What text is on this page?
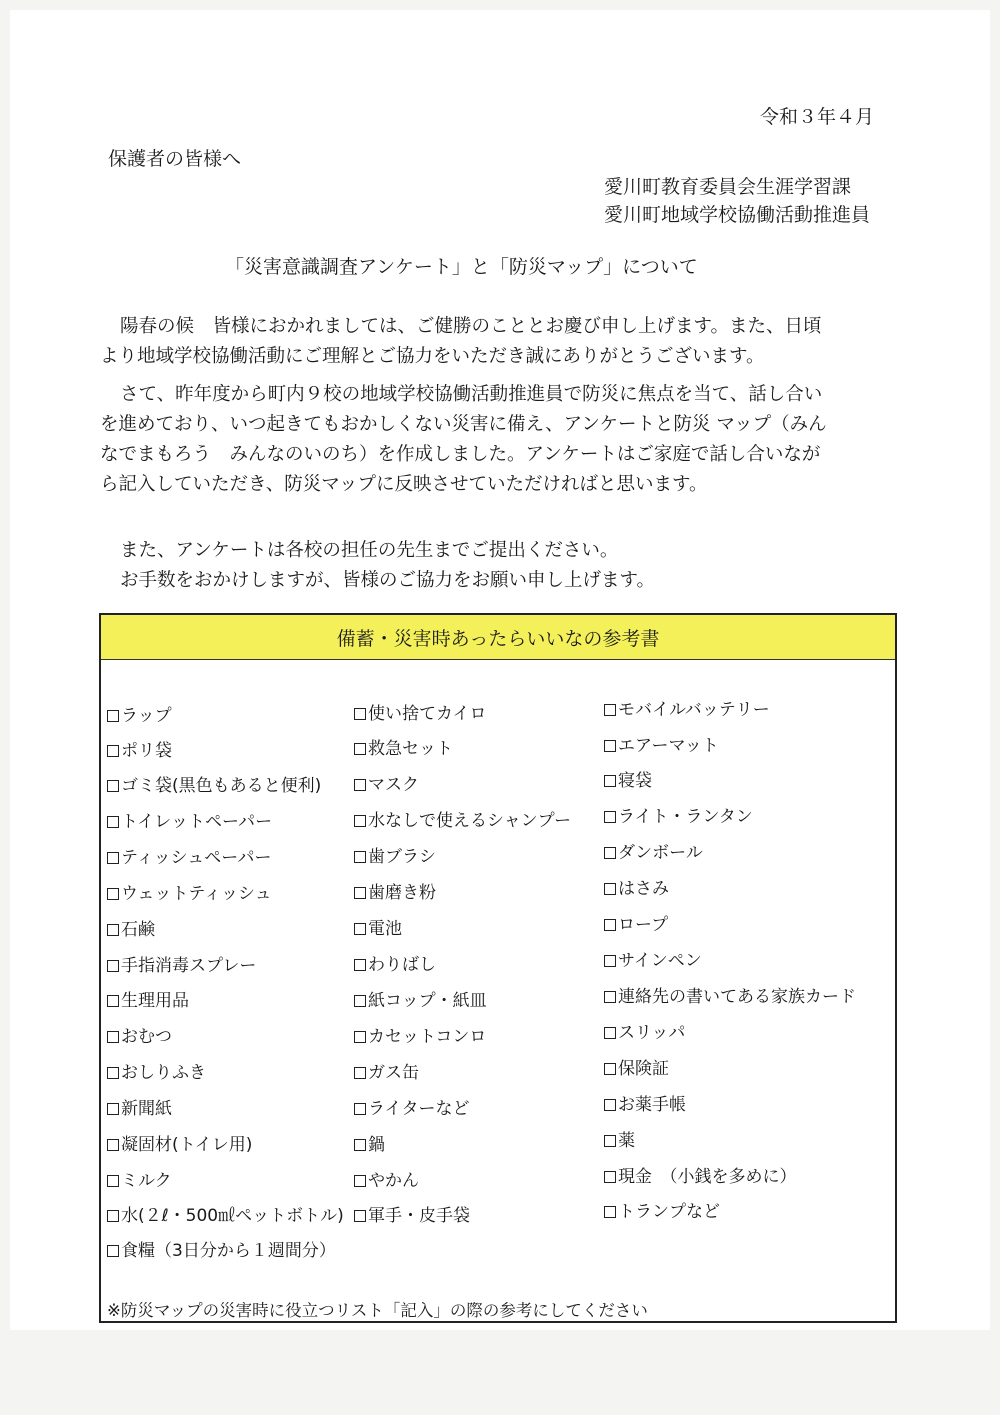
令和３年４月
保護者の皆様へ
愛川町教育委員会生涯学習課
愛川町地域学校協働活動推進員
「災害意識調査アンケート」と「防災マップ」について
陽春の候　皆様におかれましては、ご健勝のこととお慶び申し上げます。また、日頃
より地域学校協働活動にご理解とご協力をいただき誠にありがとうございます。
さて、昨年度から町内９校の地域学校協働活動推進員で防災に焦点を当て、話し合い
を進めており、いつ起きてもおかしくない災害に備え、アンケートと防災 マップ（みん
なでまもろう　みんなのいのち）を作成しました。アンケートはご家庭で話し合いなが
ら記入していただき、防災マップに反映させていただければと思います。
また、アンケートは各校の担任の先生までご提出ください。
お手数をおかけしますが、皆様のご協力をお願い申し上げます。
備蓄・災害時あったらいいなの参考書
ラップ
ポリ袋
ゴミ袋(黒色もあると便利)
トイレットペーパー
ティッシュペーパー
ウェットティッシュ
石鹸
手指消毒スプレー
生理用品
おむつ
おしりふき
新聞紙
凝固材(トイレ用)
ミルク
水(２ℓ・500㎖ペットボトル)
食糧（3日分から１週間分）
使い捨てカイロ
救急セット
マスク
水なしで使えるシャンプー
歯ブラシ
歯磨き粉
電池
わりばし
紙コップ・紙皿
カセットコンロ
ガス缶
ライターなど
鍋
やかん
軍手・皮手袋
モバイルバッテリー
エアーマット
寝袋
ライト・ランタン
ダンボール
はさみ
ロープ
サインペン
連絡先の書いてある家族カード
スリッパ
保険証
お薬手帳
薬
現金　（小銭を多めに）
トランプなど
※防災マップの災害時に役立つリスト「記入」の際の参考にしてください
